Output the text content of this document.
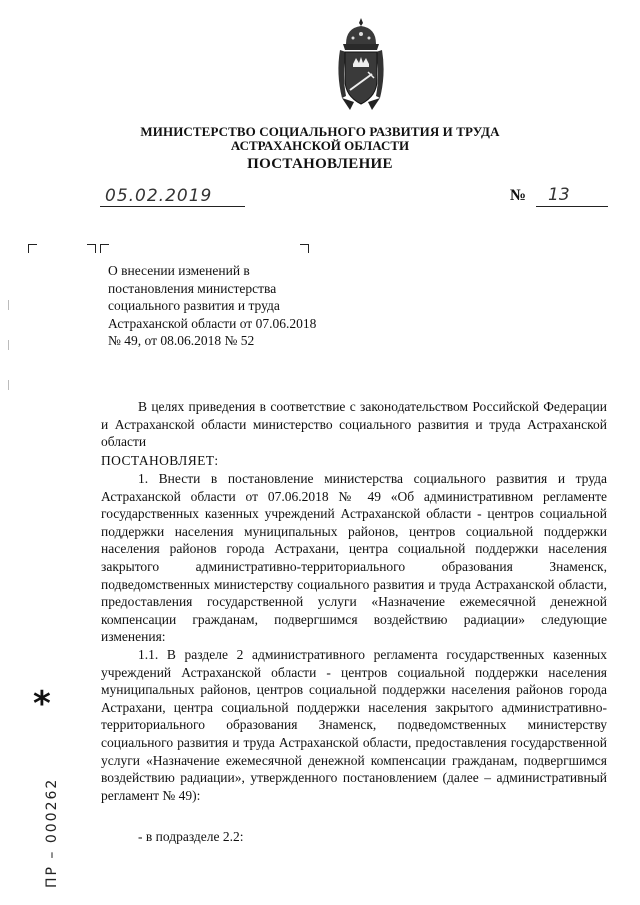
МИНИСТЕРСТВО СОЦИАЛЬНОГО РАЗВИТИЯ И ТРУДА
АСТРАХАНСКОЙ ОБЛАСТИ
ПОСТАНОВЛЕНИЕ
05.02.2019	№ 13
О внесении изменений в постановления министерства социального развития и труда Астраханской области от 07.06.2018 № 49, от 08.06.2018 № 52
В целях приведения в соответствие с законодательством Российской Федерации и Астраханской области министерство социального развития и труда Астраханской области
ПОСТАНОВЛЯЕТ:
1. Внести в постановление министерства социального развития и труда Астраханской области от 07.06.2018 № 49 «Об административном регламенте государственных казенных учреждений Астраханской области - центров социальной поддержки населения муниципальных районов, центров социальной поддержки населения районов города Астрахани, центра социальной поддержки населения закрытого административно-территориального образования Знаменск, подведомственных министерству социального развития и труда Астраханской области, предоставления государственной услуги «Назначение ежемесячной денежной компенсации гражданам, подвергшимся воздействию радиации» следующие изменения:
1.1. В разделе 2 административного регламента государственных казенных учреждений Астраханской области - центров социальной поддержки населения муниципальных районов, центров социальной поддержки населения районов города Астрахани, центра социальной поддержки населения закрытого административно-территориального образования Знаменск, подведомственных министерству социального развития и труда Астраханской области, предоставления государственной услуги «Назначение ежемесячной денежной компенсации гражданам, подвергшимся воздействию радиации», утвержденного постановлением (далее – административный регламент № 49):
- в подразделе 2.2:
*
ПР – 000262
